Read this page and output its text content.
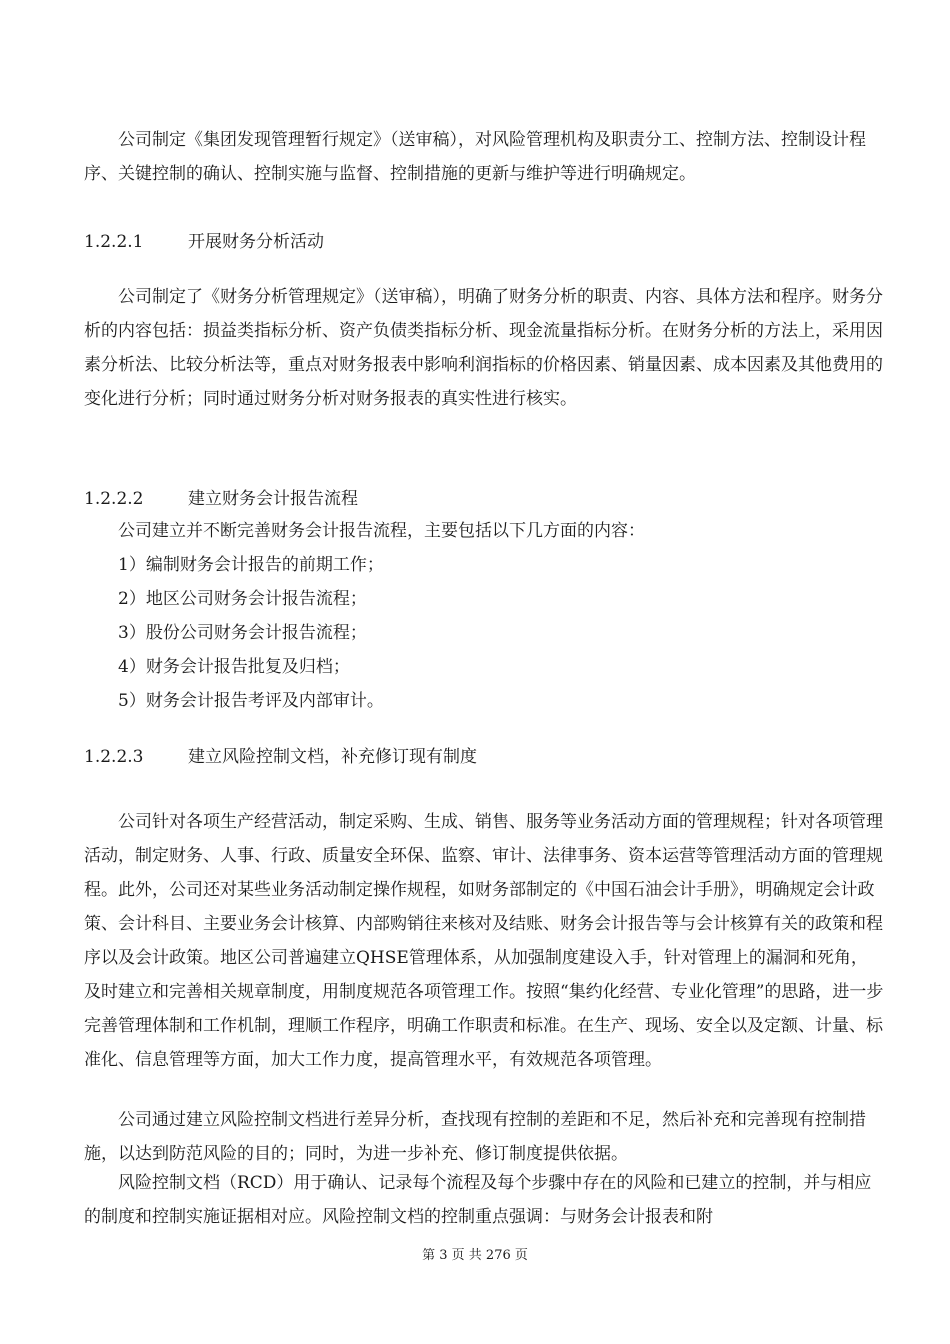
公司制定《集团发现管理暂行规定》（送审稿），对风险管理机构及职责分工、控制方法、控制设计程序、关键控制的确认、控制实施与监督、控制措施的更新与维护等进行明确规定。
1.2.2.1	开展财务分析活动
公司制定了《财务分析管理规定》（送审稿），明确了财务分析的职责、内容、具体方法和程序。财务分析的内容包括：损益类指标分析、资产负债类指标分析、现金流量指标分析。在财务分析的方法上，采用因素分析法、比较分析法等，重点对财务报表中影响利润指标的价格因素、销量因素、成本因素及其他费用的变化进行分析；同时通过财务分析对财务报表的真实性进行核实。
1.2.2.2	建立财务会计报告流程
公司建立并不断完善财务会计报告流程，主要包括以下几方面的内容：
1）编制财务会计报告的前期工作；
2）地区公司财务会计报告流程；
3）股份公司财务会计报告流程；
4）财务会计报告批复及归档；
5）财务会计报告考评及内部审计。
1.2.2.3	建立风险控制文档，补充修订现有制度
公司针对各项生产经营活动，制定采购、生成、销售、服务等业务活动方面的管理规程；针对各项管理活动，制定财务、人事、行政、质量安全环保、监察、审计、法律事务、资本运营等管理活动方面的管理规程。此外，公司还对某些业务活动制定操作规程，如财务部制定的《中国石油会计手册》，明确规定会计政策、会计科目、主要业务会计核算、内部购销往来核对及结账、财务会计报告等与会计核算有关的政策和程序以及会计政策。地区公司普遍建立QHSE管理体系，从加强制度建设入手，针对管理上的漏洞和死角，及时建立和完善相关规章制度，用制度规范各项管理工作。按照“集约化经营、专业化管理”的思路，进一步完善管理体制和工作机制，理顺工作程序，明确工作职责和标准。在生产、现场、安全以及定额、计量、标准化、信息管理等方面，加大工作力度，提高管理水平，有效规范各项管理。
公司通过建立风险控制文档进行差异分析，查找现有控制的差距和不足，然后补充和完善现有控制措施，以达到防范风险的目的；同时，为进一步补充、修订制度提供依据。
风险控制文档（RCD）用于确认、记录每个流程及每个步骤中存在的风险和已建立的控制，并与相应的制度和控制实施证据相对应。风险控制文档的控制重点强调：与财务会计报表和附
第 3 页 共 276 页
